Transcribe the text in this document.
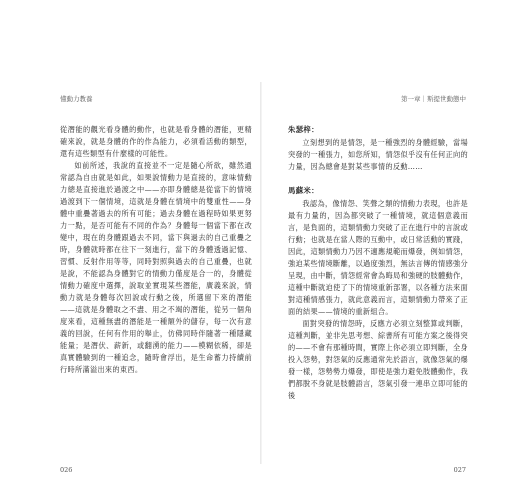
懂動力教養	第一章｜斯提世動態中

從潛能的觀光看身體的動作，也就是看身體的潛能，更精確來說，就是身體的作的作為能力，必須看活動的類型，還有這些類型有什麼樣的可能性。

如前所述，我說的直接並不一定是隨心所欲，雖然通常認為自由就是如此，如果說情動力是直接的，意味情動力總是直接進於過渡之中——亦即身體總是從當下的情境過渡到下一個情境，這就是身體在情境中的雙重性——身體中重疊著過去的所有可能；過去身體在過程時如果更努力一點，是否可能有不同的作為？身體每一個當下都在改變中，現在的身體跟過去不同，當下與過去的自己重疊之時，身體就時都在往下一刻進行，當下的身體透過記憶、習慣、反射作用等等，同時對照與過去的自己重疊，也就是說，不能認為身體對它的情動力僅度是合一的，身體從情動力確度中選擇，說取並實現某些潛能，廣義來說，情動力就是身體每次回說或行動之後，所選留下來的潛能——這就是身體取之不盡、用之不竭的潛能，從另一個角度來看，這種無盡的潛能是一種額外的儲存，每一次有意義的回說，任何有作用的舉止，仿佛同時伴隨著一種隱藏能量；是潛伏、薪新，或翻湧的能力——模糊依稀，卻是真實體驗到的一種追念，隨時會浮出，是生命蓄力持續前行時所滿溢出來的東西。

朱瑟梓：

立刻想到的是情怨，是一種強烈的身體經驗，當場突發的一種張力，如您所知，情怨似乎沒有任何正向的力量，因為總會是對某些事情的反動……

馬蘇米：

我認為，像情怨、笑聲之類的情動力表現，也許是最有力量的，因為都突破了一種情境，就這個意義而言，是負面的，這類情動力突破了正在進行中的言說或行動；也就是在當人際的互動中，或日常活動的實踐，因此，這類情動力乃因不適應規範而爆發，例如情怨，強迫某些情境斷離，以過度強烈，無法言傳的情感強分呈現，由中斷，情怨經常會為晦局和強硬的肢體動作，這種中斷就迫使了下的情境重新部署，以各種方法來面對這種情感張力，就此意義而言，這類情動力帶來了正面的結果——情境的重新組合。

面對突發的情怨時，反應方必須立刻整算或判斷，這種判斷，並非先思考想、綜書所有可能方案之後得突的——不會有那種時間，實際上你必須立即判斷，全身投入怨勢，對怨氣的反應通常先於語言，就像怨氣的爆發一樣，怨勢勢力爆發，即使是強力避免肢體動作，我們都脫不身就是肢體語言，怨氣引發一連串立即可能的後

026	027
